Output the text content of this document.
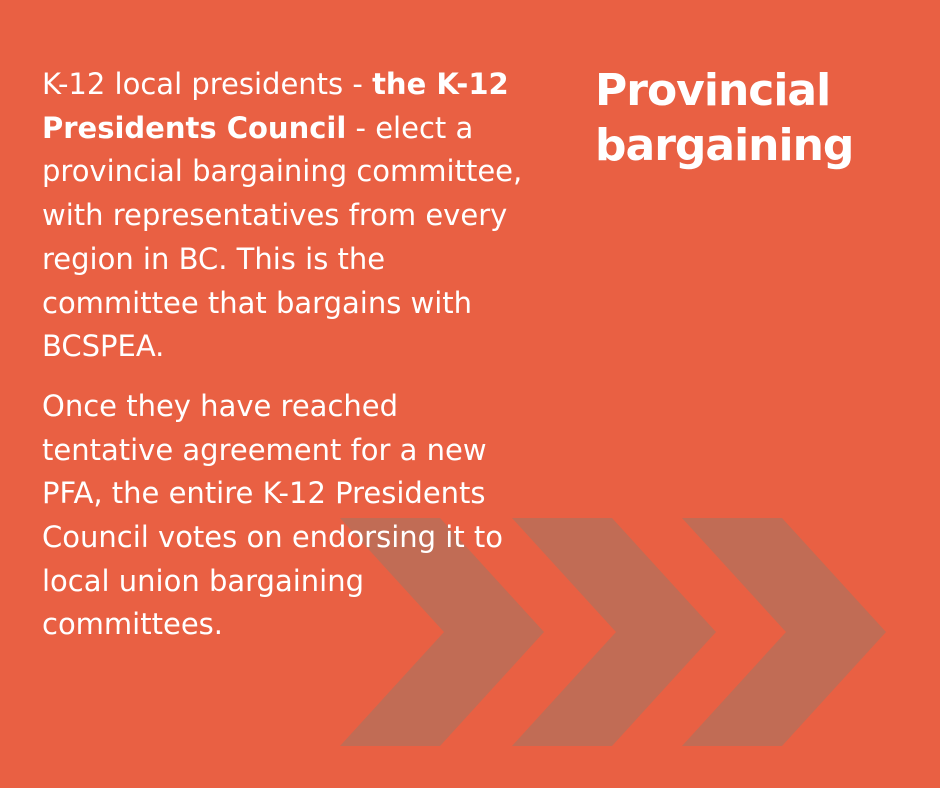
Provincial bargaining

K-12 local presidents - the K-12 Presidents Council - elect a provincial bargaining committee, with representatives from every region in BC. This is the committee that bargains with BCSPEA.

Once they have reached tentative agreement for a new PFA, the entire K-12 Presidents Council votes on endorsing it to local union bargaining committees.
